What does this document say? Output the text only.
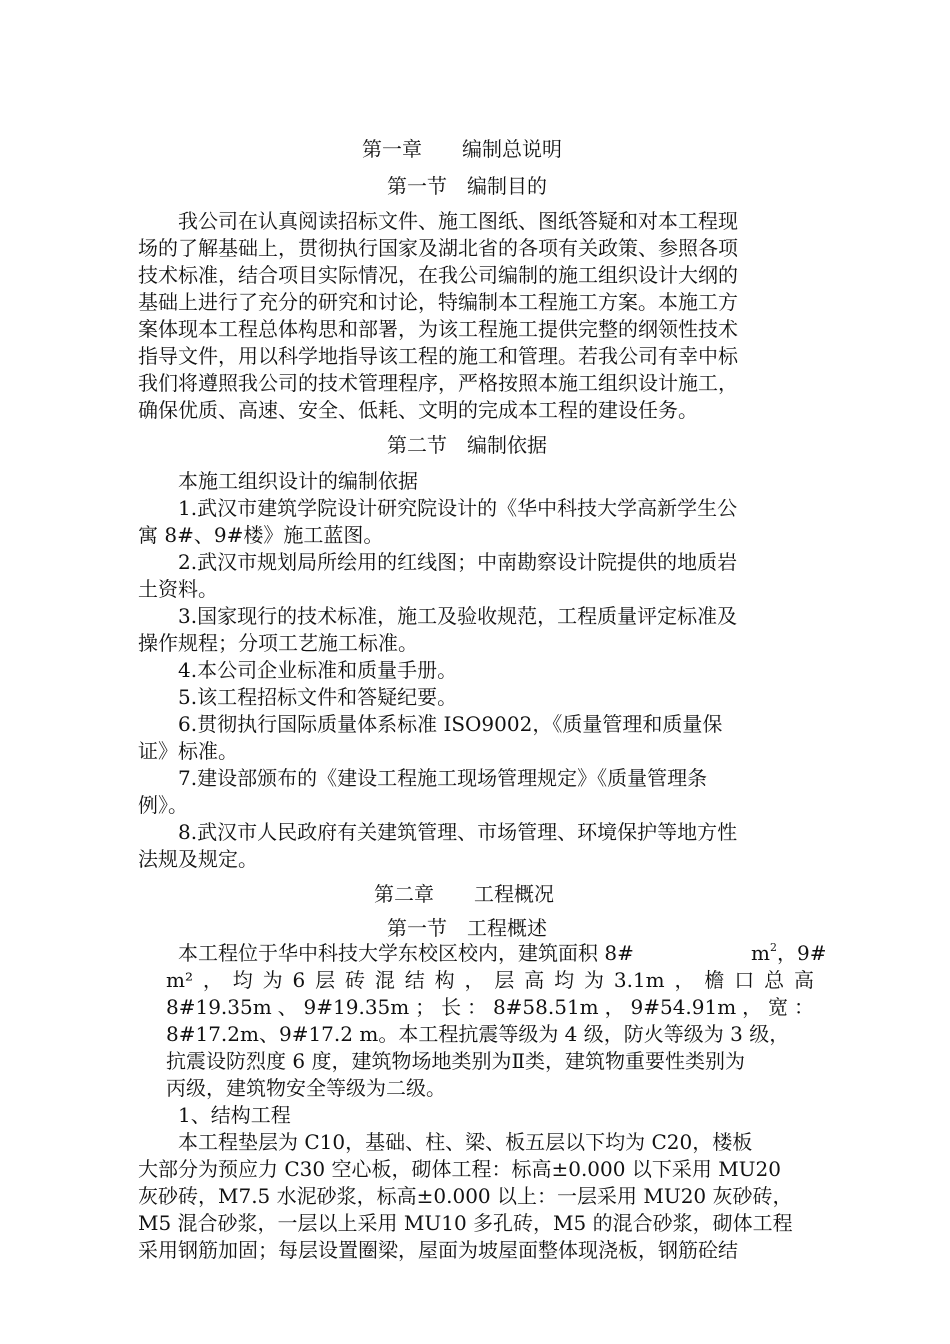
第一章　　编制总说明
第一节　编制目的
我公司在认真阅读招标文件、施工图纸、图纸答疑和对本工程现
场的了解基础上，贯彻执行国家及湖北省的各项有关政策、参照各项
技术标准，结合项目实际情况，在我公司编制的施工组织设计大纲的
基础上进行了充分的研究和讨论，特编制本工程施工方案。本施工方
案体现本工程总体构思和部署，为该工程施工提供完整的纲领性技术
指导文件，用以科学地指导该工程的施工和管理。若我公司有幸中标
我们将遵照我公司的技术管理程序，严格按照本施工组织设计施工，
确保优质、高速、安全、低耗、文明的完成本工程的建设任务。
第二节　编制依据
本施工组织设计的编制依据
1.武汉市建筑学院设计研究院设计的《华中科技大学高新学生公
寓 8#、9#楼》施工蓝图。
2.武汉市规划局所绘用的红线图；中南勘察设计院提供的地质岩
土资料。
3.国家现行的技术标准，施工及验收规范，工程质量评定标准及
操作规程；分项工艺施工标准。
4.本公司企业标准和质量手册。
5.该工程招标文件和答疑纪要。
6.贯彻执行国际质量体系标准 ISO9002，《质量管理和质量保
证》标准。
7.建设部颁布的《建设工程施工现场管理规定》《质量管理条
例》。
8.武汉市人民政府有关建筑管理、市场管理、环境保护等地方性
法规及规定。
第二章　　工程概况
第一节　工程概述
本工程位于华中科技大学东校区校内，建筑面积 8#	$m^2$，9#
m² ， 均 为 6 层 砖 混 结 构 ， 层 高 均 为 3.1m ， 檐 口 总 高
8#19.35m 、 9#19.35m ； 长 ： 8#58.51m ， 9#54.91m ， 宽 ：
8#17.2m、9#17.2 m。本工程抗震等级为 4 级，防火等级为 3 级，
抗震设防烈度 6 度，建筑物场地类别为Ⅱ类，建筑物重要性类别为
丙级，建筑物安全等级为二级。
1、结构工程
本工程垫层为 C10，基础、柱、梁、板五层以下均为 C20，楼板
大部分为预应力 C30 空心板，砌体工程：标高±0.000 以下采用 MU20
灰砂砖，M7.5 水泥砂浆，标高±0.000 以上：一层采用 MU20 灰砂砖，
M5 混合砂浆，一层以上采用 MU10 多孔砖，M5 的混合砂浆，砌体工程
采用钢筋加固；每层设置圈梁，屋面为坡屋面整体现浇板，钢筋砼结
